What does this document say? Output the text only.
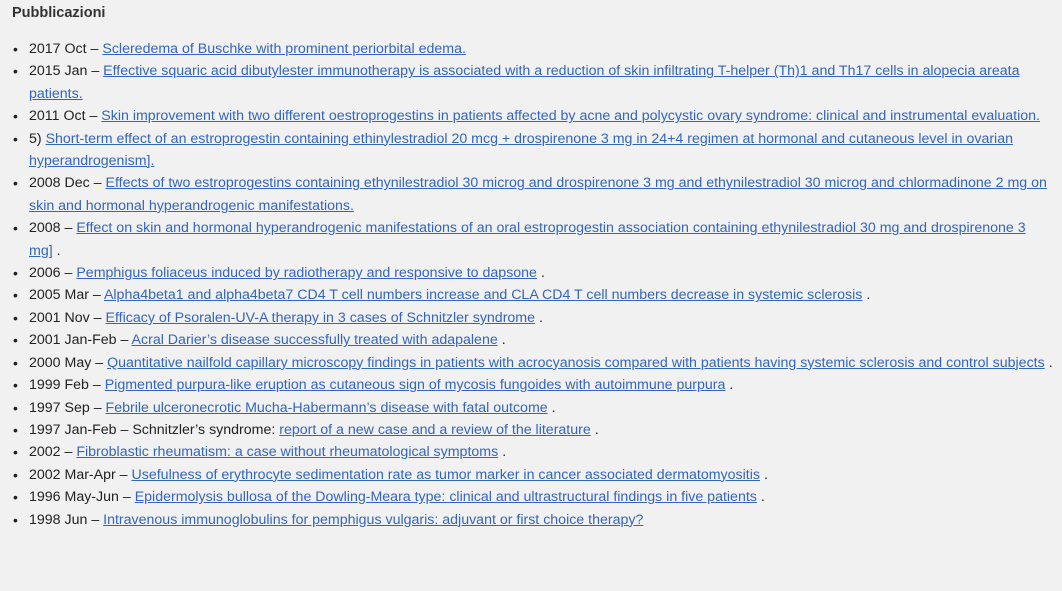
Pubblicazioni
• 2017 Oct – Scleredema of Buschke with prominent periorbital edema.
• 2015 Jan – Effective squaric acid dibutylester immunotherapy is associated with a reduction of skin infiltrating T-helper (Th)1 and Th17 cells in alopecia areata patients.
• 2011 Oct – Skin improvement with two different oestroprogestins in patients affected by acne and polycystic ovary syndrome: clinical and instrumental evaluation.
• 5) Short-term effect of an estroprogestin containing ethinylestradiol 20 mcg + drospirenone 3 mg in 24+4 regimen at hormonal and cutaneous level in ovarian hyperandrogenism].
• 2008 Dec – Effects of two estroprogestins containing ethynilestradiol 30 microg and drospirenone 3 mg and ethynilestradiol 30 microg and chlormadinone 2 mg on skin and hormonal hyperandrogenic manifestations.
• 2008 – Effect on skin and hormonal hyperandrogenic manifestations of an oral estroprogestin association containing ethynilestradiol 30 mg and drospirenone 3 mg] .
• 2006 – Pemphigus foliaceus induced by radiotherapy and responsive to dapsone .
• 2005 Mar – Alpha4beta1 and alpha4beta7 CD4 T cell numbers increase and CLA CD4 T cell numbers decrease in systemic sclerosis .
• 2001 Nov – Efficacy of Psoralen-UV-A therapy in 3 cases of Schnitzler syndrome .
• 2001 Jan-Feb – Acral Darier’s disease successfully treated with adapalene .
• 2000 May – Quantitative nailfold capillary microscopy findings in patients with acrocyanosis compared with patients having systemic sclerosis and control subjects .
• 1999 Feb – Pigmented purpura-like eruption as cutaneous sign of mycosis fungoides with autoimmune purpura .
• 1997 Sep – Febrile ulceronecrotic Mucha-Habermann’s disease with fatal outcome .
• 1997 Jan-Feb – Schnitzler’s syndrome: report of a new case and a review of the literature .
• 2002 – Fibroblastic rheumatism: a case without rheumatological symptoms .
• 2002 Mar-Apr – Usefulness of erythrocyte sedimentation rate as tumor marker in cancer associated dermatomyositis .
• 1996 May-Jun – Epidermolysis bullosa of the Dowling-Meara type: clinical and ultrastructural findings in five patients .
• 1998 Jun – Intravenous immunoglobulins for pemphigus vulgaris: adjuvant or first choice therapy?
